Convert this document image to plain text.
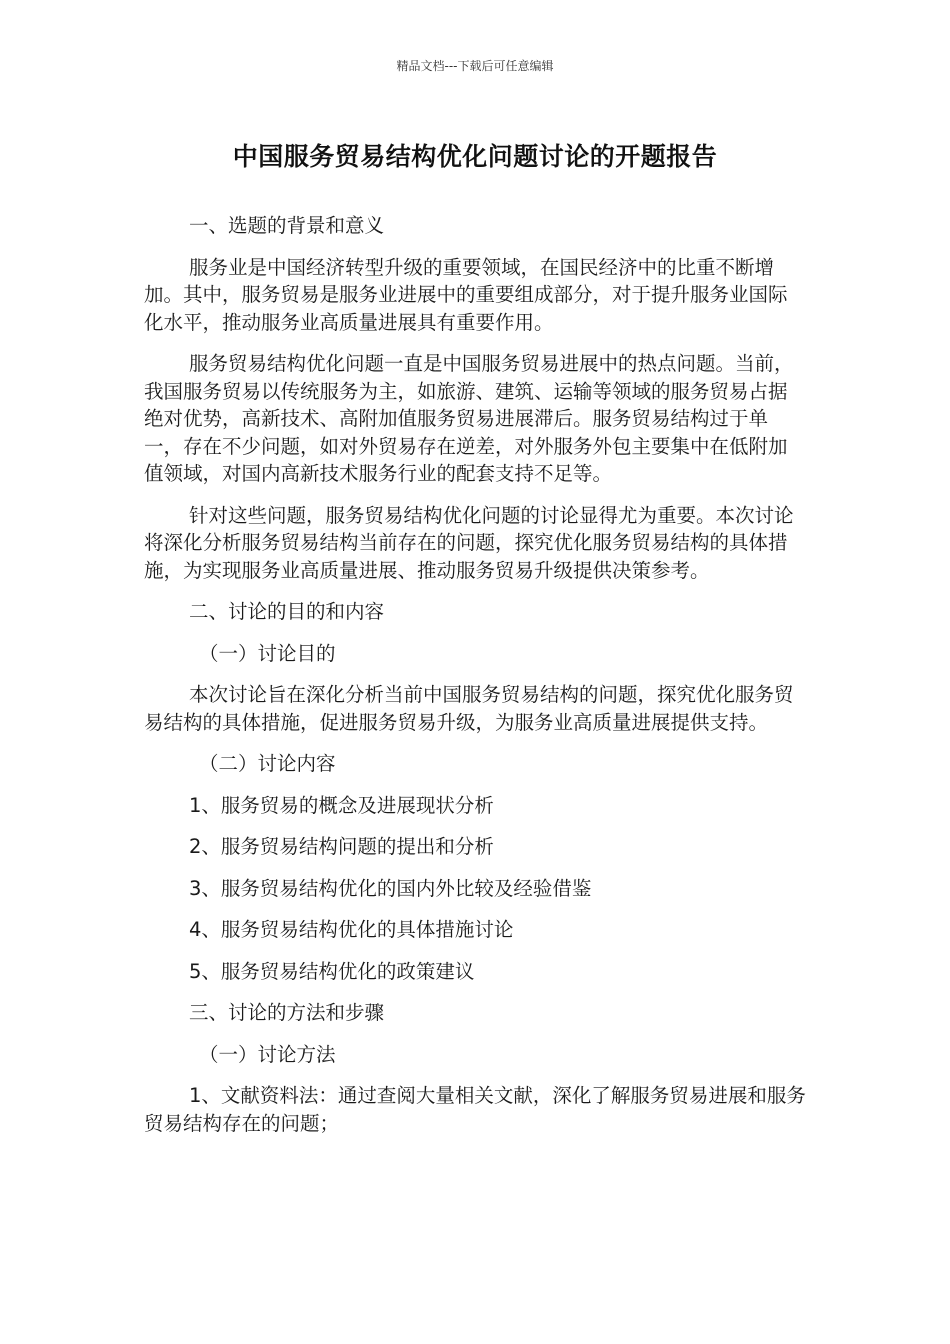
精品文档---下载后可任意编辑
中国服务贸易结构优化问题讨论的开题报告

一、选题的背景和意义

服务业是中国经济转型升级的重要领域，在国民经济中的比重不断增加。其中，服务贸易是服务业进展中的重要组成部分，对于提升服务业国际化水平，推动服务业高质量进展具有重要作用。

服务贸易结构优化问题一直是中国服务贸易进展中的热点问题。当前，我国服务贸易以传统服务为主，如旅游、建筑、运输等领域的服务贸易占据绝对优势，高新技术、高附加值服务贸易进展滞后。服务贸易结构过于单一，存在不少问题，如对外贸易存在逆差，对外服务外包主要集中在低附加值领域，对国内高新技术服务行业的配套支持不足等。

针对这些问题，服务贸易结构优化问题的讨论显得尤为重要。本次讨论将深化分析服务贸易结构当前存在的问题，探究优化服务贸易结构的具体措施，为实现服务业高质量进展、推动服务贸易升级提供决策参考。

二、讨论的目的和内容

（一）讨论目的

本次讨论旨在深化分析当前中国服务贸易结构的问题，探究优化服务贸易结构的具体措施，促进服务贸易升级，为服务业高质量进展提供支持。

（二）讨论内容

1、服务贸易的概念及进展现状分析

2、服务贸易结构问题的提出和分析

3、服务贸易结构优化的国内外比较及经验借鉴

4、服务贸易结构优化的具体措施讨论

5、服务贸易结构优化的政策建议

三、讨论的方法和步骤

（一）讨论方法

1、文献资料法：通过查阅大量相关文献，深化了解服务贸易进展和服务贸易结构存在的问题；
